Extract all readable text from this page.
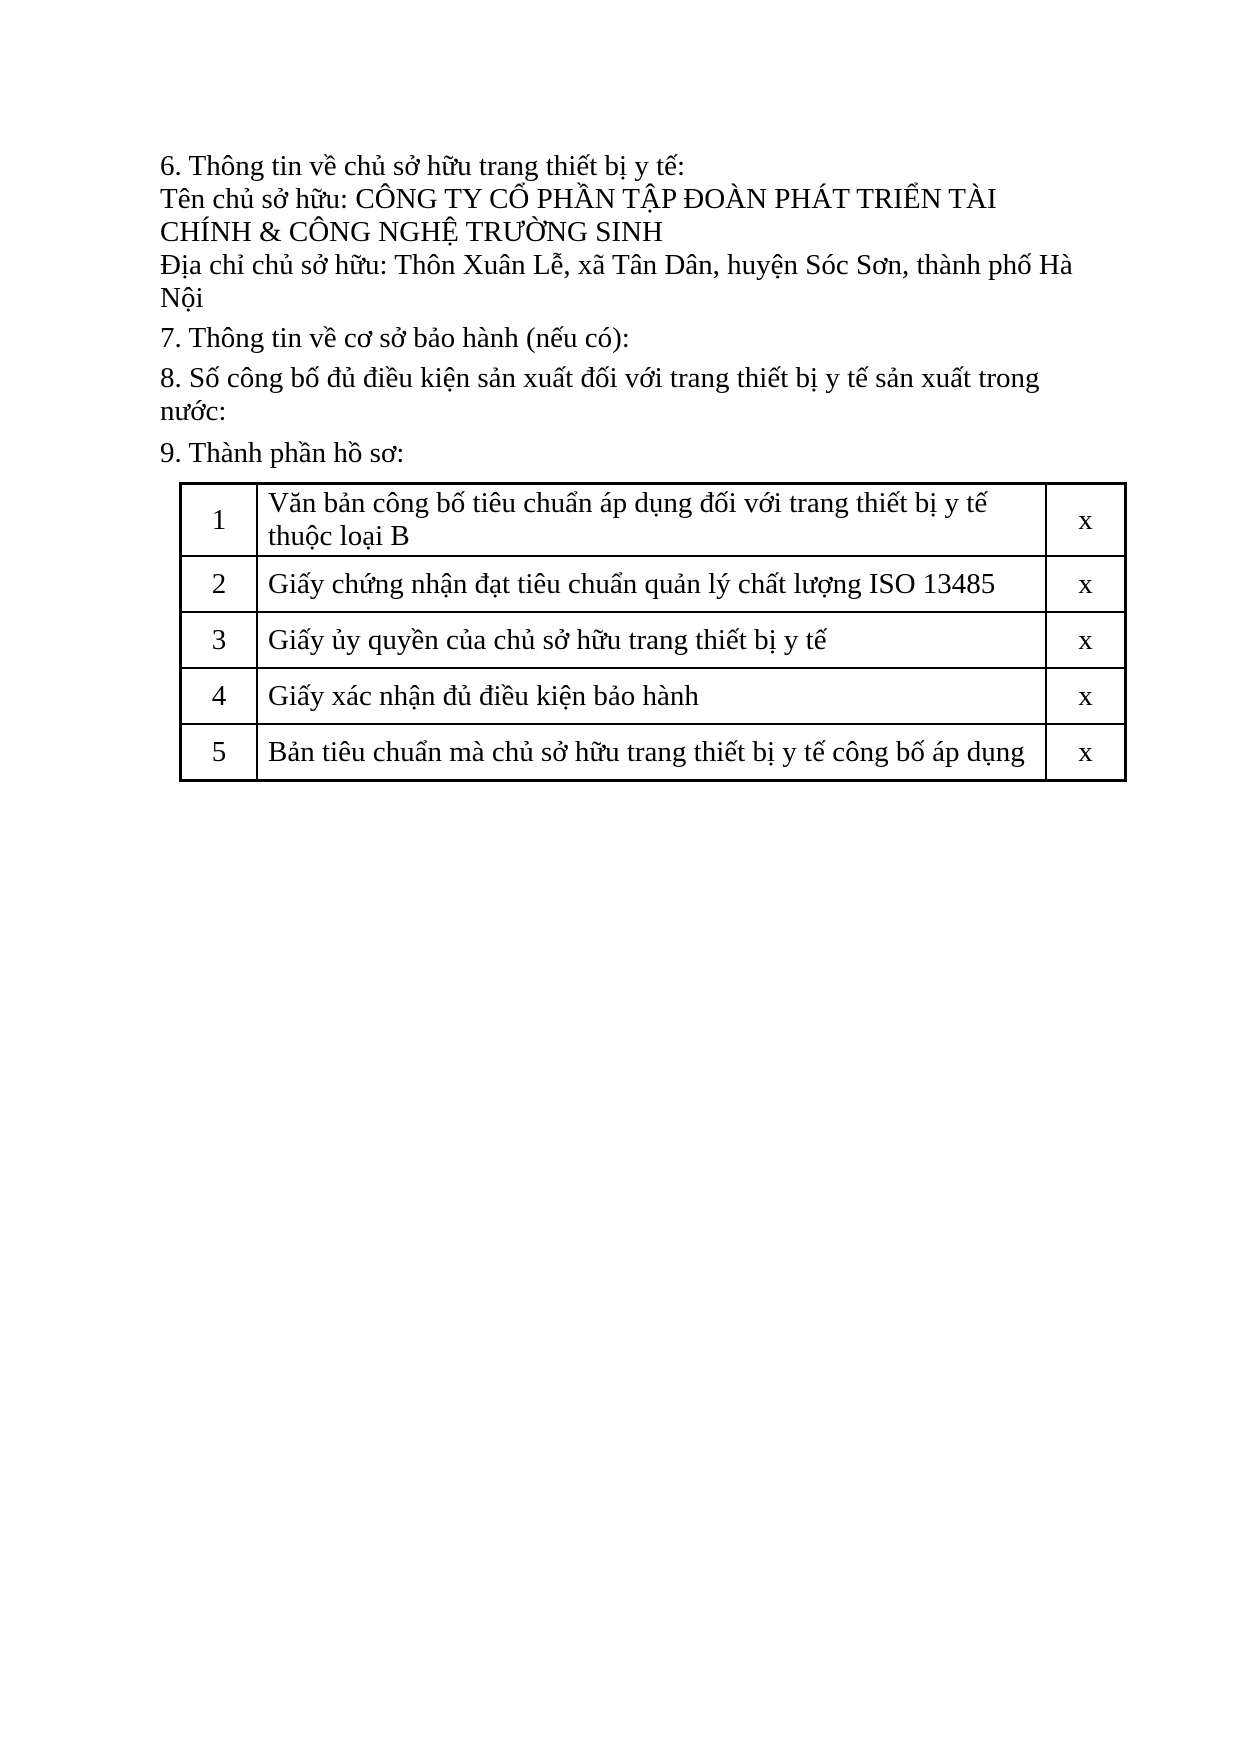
6. Thông tin về chủ sở hữu trang thiết bị y tế:
Tên chủ sở hữu: CÔNG TY CỔ PHẦN TẬP ĐOÀN PHÁT TRIỂN TÀI
CHÍNH & CÔNG NGHỆ TRƯỜNG SINH
Địa chỉ chủ sở hữu: Thôn Xuân Lễ, xã Tân Dân, huyện Sóc Sơn, thành phố Hà
Nội
7. Thông tin về cơ sở bảo hành (nếu có):
8. Số công bố đủ điều kiện sản xuất đối với trang thiết bị y tế sản xuất trong
nước:
9. Thành phần hồ sơ:
1	Văn bản công bố tiêu chuẩn áp dụng đối với trang thiết bị y tế thuộc loại B	x
2	Giấy chứng nhận đạt tiêu chuẩn quản lý chất lượng ISO 13485	x
3	Giấy ủy quyền của chủ sở hữu trang thiết bị y tế	x
4	Giấy xác nhận đủ điều kiện bảo hành	x
5	Bản tiêu chuẩn mà chủ sở hữu trang thiết bị y tế công bố áp dụng	x
